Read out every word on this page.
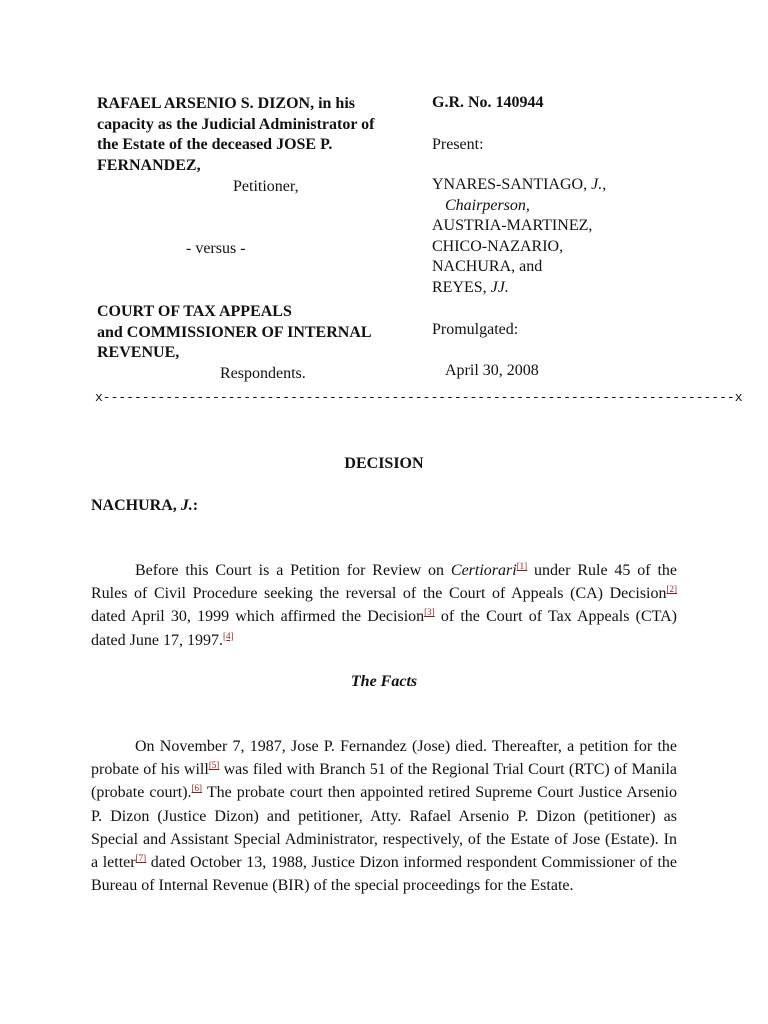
RAFAEL ARSENIO S. DIZON, in his
capacity as the Judicial Administrator of
the Estate of the deceased JOSE P.
FERNANDEZ,
Petitioner,
- versus -
COURT OF TAX APPEALS
and COMMISSIONER OF INTERNAL
REVENUE,
Respondents.
G.R. No. 140944
Present:
YNARES-SANTIAGO, J.,
Chairperson,
AUSTRIA-MARTINEZ,
CHICO-NAZARIO,
NACHURA, and
REYES, JJ.
Promulgated:
April 30, 2008
x---------------------------------------------------------------------------------x
DECISION
NACHURA, J.:
Before this Court is a Petition for Review on Certiorari[1] under Rule 45 of the Rules of Civil Procedure seeking the reversal of the Court of Appeals (CA) Decision[2] dated April 30, 1999 which affirmed the Decision[3] of the Court of Tax Appeals (CTA) dated June 17, 1997.[4]
The Facts
On November 7, 1987, Jose P. Fernandez (Jose) died. Thereafter, a petition for the probate of his will[5] was filed with Branch 51 of the Regional Trial Court (RTC) of Manila (probate court).[6] The probate court then appointed retired Supreme Court Justice Arsenio P. Dizon (Justice Dizon) and petitioner, Atty. Rafael Arsenio P. Dizon (petitioner) as Special and Assistant Special Administrator, respectively, of the Estate of Jose (Estate). In a letter[7] dated October 13, 1988, Justice Dizon informed respondent Commissioner of the Bureau of Internal Revenue (BIR) of the special proceedings for the Estate.
